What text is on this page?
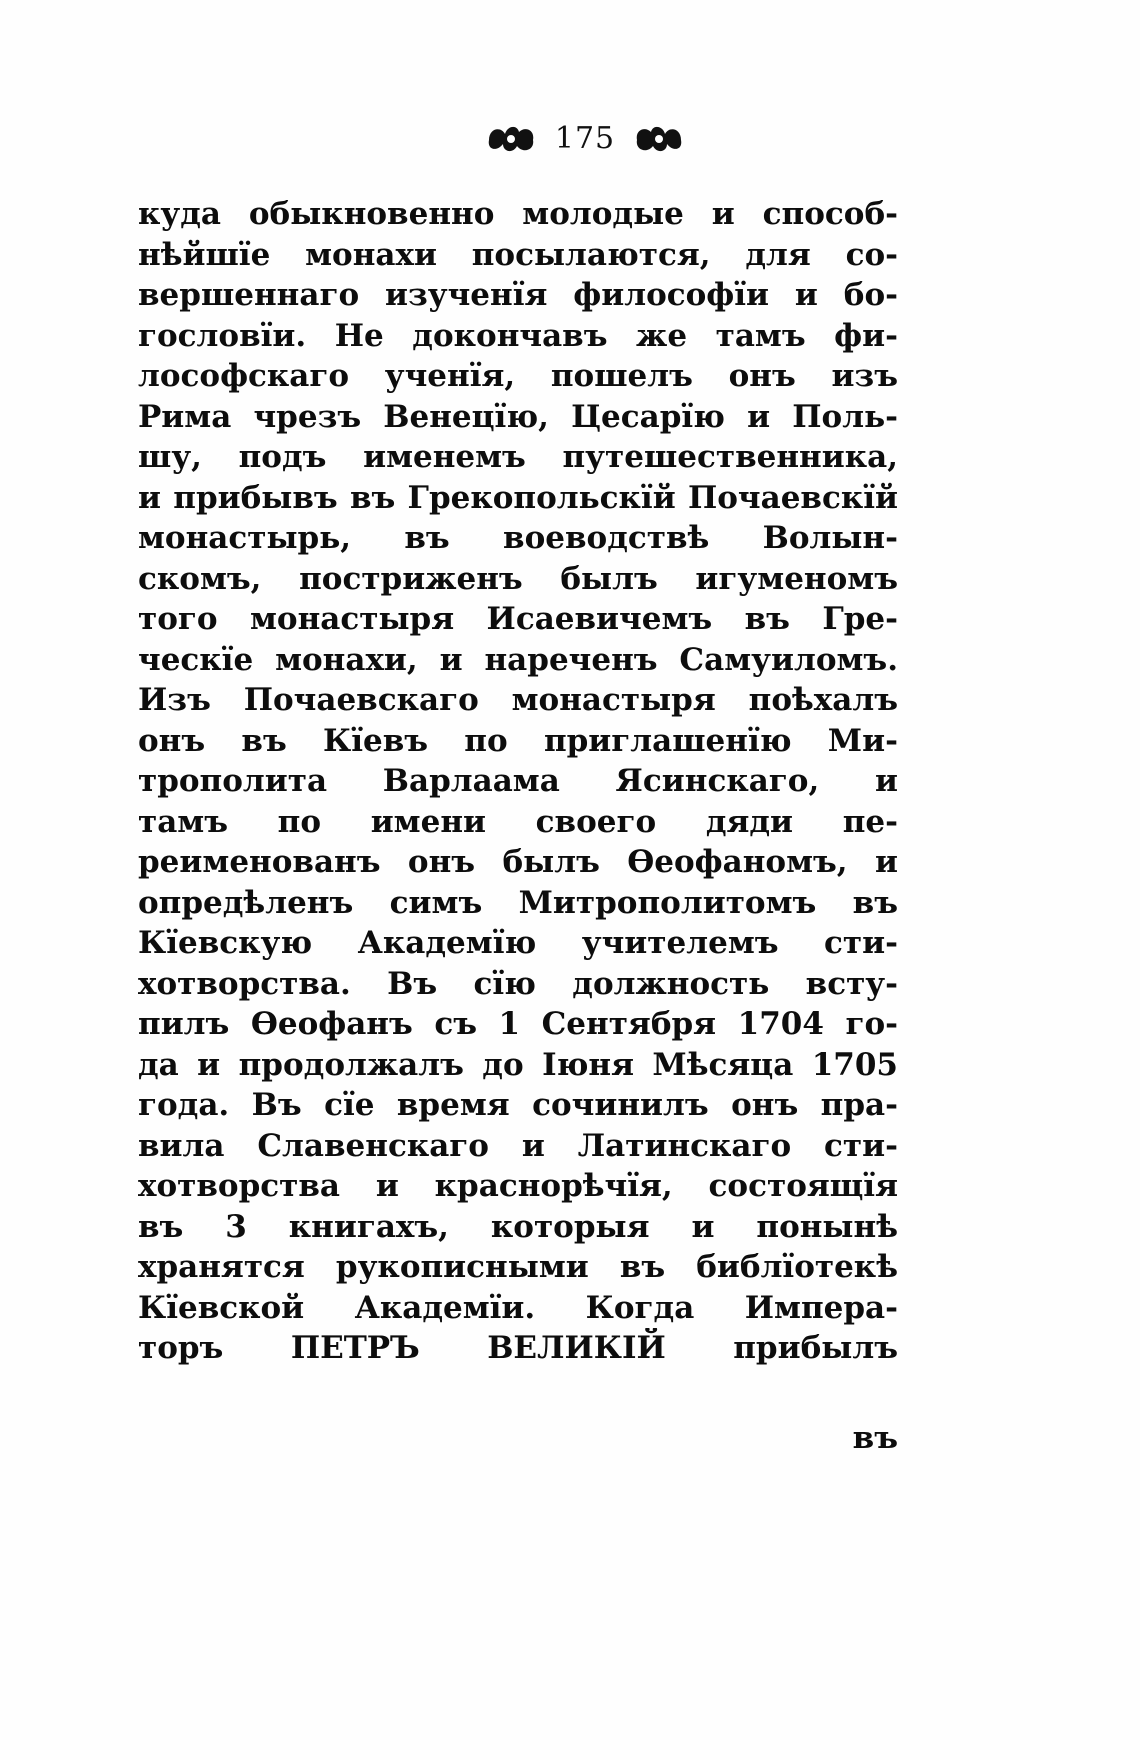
175
куда обыкновенно молодые и способ-
нѣйшїе монахи посылаются, для со-
вершеннаго изученїя философїи и бо-
гословїи. Не докончавъ же тамъ фи-
лософскаго ученїя, пошелъ онъ изъ
Рима чрезъ Венецїю, Цесарїю и Поль-
шу, подъ именемъ путешественника,
и прибывъ въ Грекопольскїй Почаевскїй
монастырь, въ воеводствѣ Волын-
скомъ, постриженъ былъ игуменомъ
того монастыря Исаевичемъ въ Гре-
ческїе монахи, и нареченъ Самуиломъ.
Изъ Почаевскаго монастыря поѣхалъ
онъ въ Кїевъ по приглашенїю Ми-
трополита Варлаама Ясинскаго, и
тамъ по имени своего дяди пе-
реименованъ онъ былъ Ѳеофаномъ, и
опредѣленъ симъ Митрополитомъ въ
Кїевскую Академїю учителемъ сти-
хотворства. Въ сїю должность всту-
пилъ Ѳеофанъ съ 1 Сентября 1704 го-
да и продолжалъ до Iюня Мѣсяца 1705
года. Въ сїе время сочинилъ онъ пра-
вила Славенскаго и Латинскаго сти-
хотворства и краснорѣчїя, состоящїя
въ 3 книгахъ, которыя и понынѣ
хранятся рукописными въ библїотекѣ
Кїевской Академїи. Когда Импера-
торъ ПЕТРЪ ВЕЛИКІЙ прибылъ
въ
